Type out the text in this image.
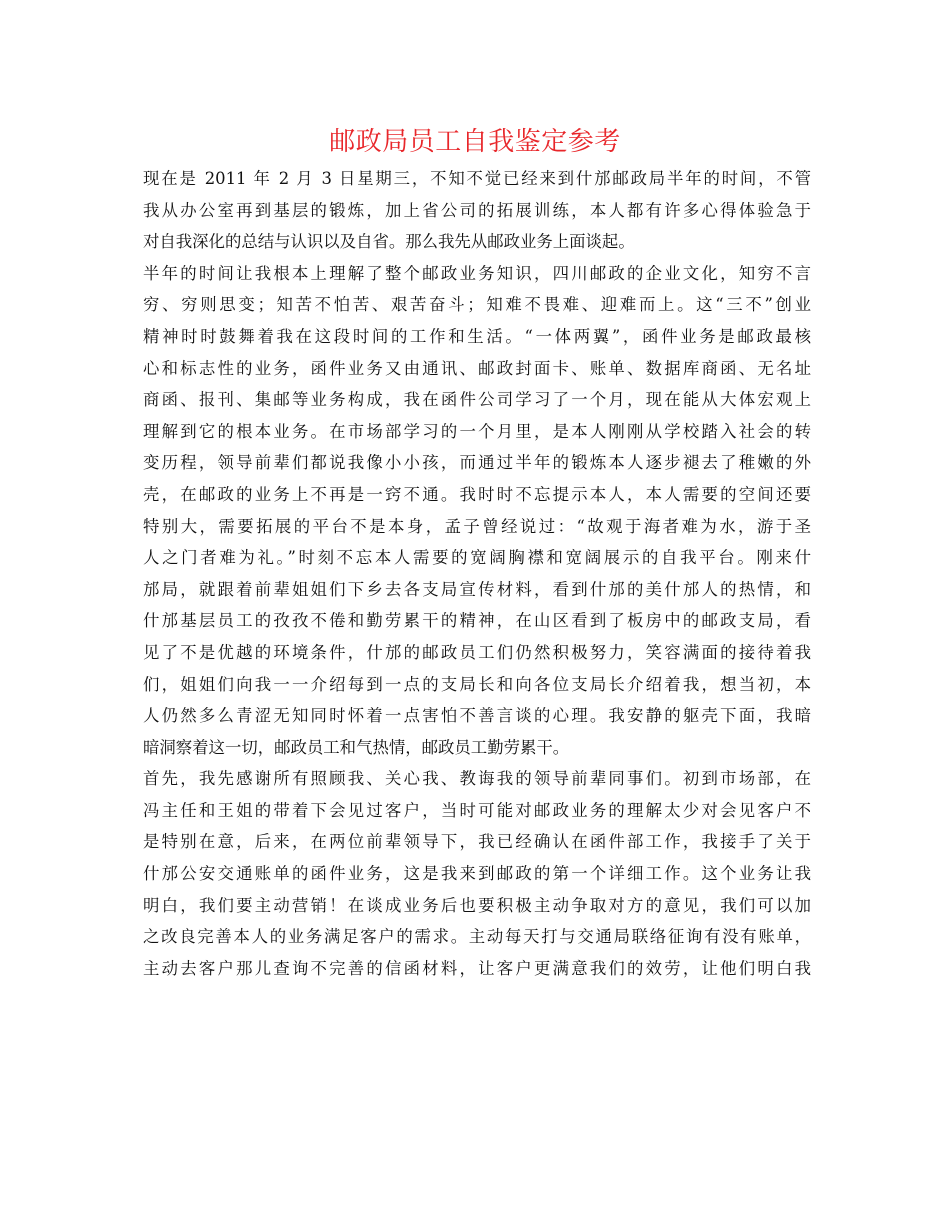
邮政局员工自我鉴定参考
现在是 2011 年 2 月 3 日星期三，不知不觉已经来到什邡邮政局半年的时间，不管
我从办公室再到基层的锻炼，加上省公司的拓展训练，本人都有许多心得体验急于
对自我深化的总结与认识以及自省。那么我先从邮政业务上面谈起。
半年的时间让我根本上理解了整个邮政业务知识，四川邮政的企业文化，知穷不言
穷、穷则思变；知苦不怕苦、艰苦奋斗；知难不畏难、迎难而上。这“三不”创业
精神时时鼓舞着我在这段时间的工作和生活。“一体两翼”，函件业务是邮政最核
心和标志性的业务，函件业务又由通讯、邮政封面卡、账单、数据库商函、无名址
商函、报刊、集邮等业务构成，我在函件公司学习了一个月，现在能从大体宏观上
理解到它的根本业务。在市场部学习的一个月里，是本人刚刚从学校踏入社会的转
变历程，领导前辈们都说我像小小孩，而通过半年的锻炼本人逐步褪去了稚嫩的外
壳，在邮政的业务上不再是一窍不通。我时时不忘提示本人，本人需要的空间还要
特别大，需要拓展的平台不是本身，孟子曾经说过：“故观于海者难为水，游于圣
人之门者难为礼。”时刻不忘本人需要的宽阔胸襟和宽阔展示的自我平台。刚来什
邡局，就跟着前辈姐姐们下乡去各支局宣传材料，看到什邡的美什邡人的热情，和
什邡基层员工的孜孜不倦和勤劳累干的精神，在山区看到了板房中的邮政支局，看
见了不是优越的环境条件，什邡的邮政员工们仍然积极努力，笑容满面的接待着我
们，姐姐们向我一一介绍每到一点的支局长和向各位支局长介绍着我，想当初，本
人仍然多么青涩无知同时怀着一点害怕不善言谈的心理。我安静的躯壳下面，我暗
暗洞察着这一切，邮政员工和气热情，邮政员工勤劳累干。
首先，我先感谢所有照顾我、关心我、教诲我的领导前辈同事们。初到市场部，在
冯主任和王姐的带着下会见过客户，当时可能对邮政业务的理解太少对会见客户不
是特别在意，后来，在两位前辈领导下，我已经确认在函件部工作，我接手了关于
什邡公安交通账单的函件业务，这是我来到邮政的第一个详细工作。这个业务让我
明白，我们要主动营销！在谈成业务后也要积极主动争取对方的意见，我们可以加
之改良完善本人的业务满足客户的需求。主动每天打与交通局联络征询有没有账单，
主动去客户那儿查询不完善的信函材料，让客户更满意我们的效劳，让他们明白我
